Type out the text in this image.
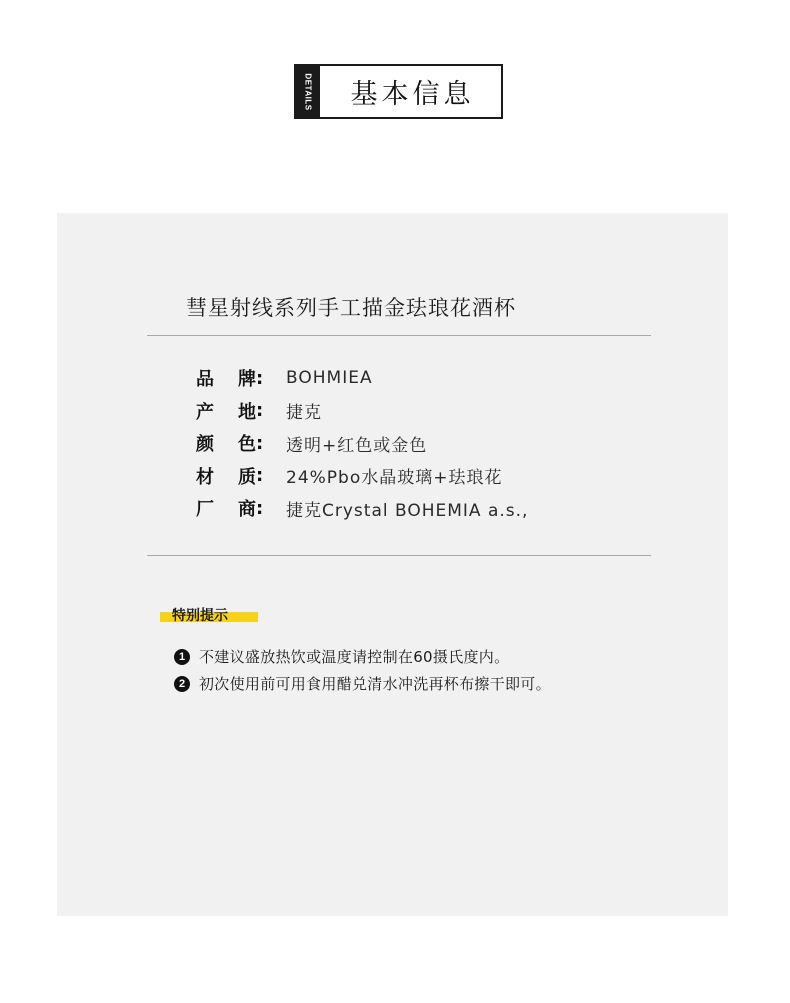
DETAILS	基本信息
彗星射线系列手工描金珐琅花酒杯
品	牌 : BOHMIEA
产	地 : 捷克
颜	色 : 透明+红色或金色
材	质 : 24%Pbo水晶玻璃+珐琅花
厂	商 : 捷克Crystal BOHEMIA a.s.,
特别提示
1 不建议盛放热饮或温度请控制在60摄氏度内。
2 初次使用前可用食用醋兑清水冲洗再杯布擦干即可。
